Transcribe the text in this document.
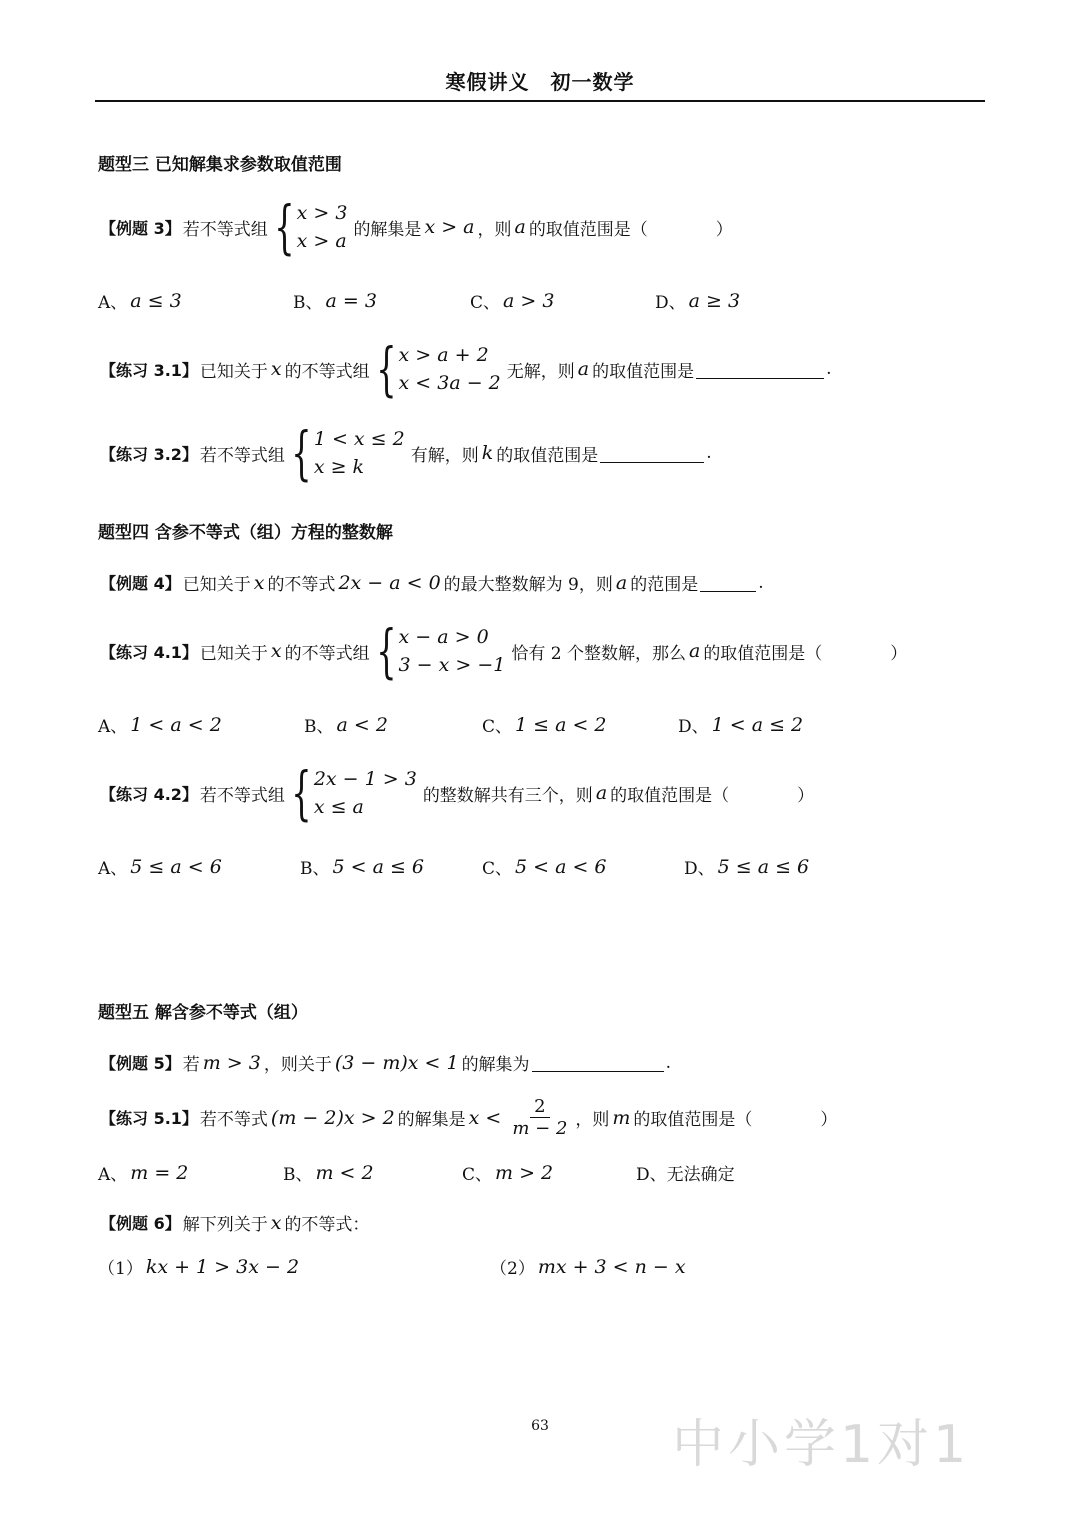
寒假讲义　初一数学
题型三 已知解集求参数取值范围
【例题 3】 若不等式组 { x > 3
x > a
的解集是 x > a ，则 a 的取值范围是（　　　　）
A、 a ≤ 3	B、 a = 3	C、 a > 3	D、 a ≥ 3
【练习 3.1】 已知关于 x 的不等式组 { x > a + 2
x < 3a − 2
无解，则 a 的取值范围是	.
【练习 3.2】 若不等式组 { 1 < x ≤ 2
x ≥ k
有解，则 k 的取值范围是	.
题型四 含参不等式（组）方程的整数解
【例题 4】 已知关于 x 的不等式 2x − a < 0 的最大整数解为 9，则 a 的范围是	.
【练习 4.1】 已知关于 x 的不等式组 { x − a > 0
3 − x > −1
恰有 2 个整数解，那么 a 的取值范围是（　　　　）
A、 1 < a < 2	B、 a < 2	C、 1 ≤ a < 2	D、 1 < a ≤ 2
【练习 4.2】 若不等式组 { 2x − 1 > 3
x ≤ a
的整数解共有三个，则 a 的取值范围是（　　　　）
A、 5 ≤ a < 6	B、 5 < a ≤ 6	C、 5 < a < 6	D、 5 ≤ a ≤ 6
题型五 解含参不等式（组）
【例题 5】 若 m > 3 ，则关于 (3 − m)x < 1 的解集为	.
【练习 5.1】 若不等式 (m − 2)x > 2 的解集是 $x < \frac{2}{m - 2}$ ，则 m 的取值范围是（　　　　）
A、 m = 2	B、 m < 2	C、 m > 2	D、 无法确定
【例题 6】 解下列关于 x 的不等式：
（1） kx + 1 > 3x − 2	（2） mx + 3 < n − x
63	中小学1对1
